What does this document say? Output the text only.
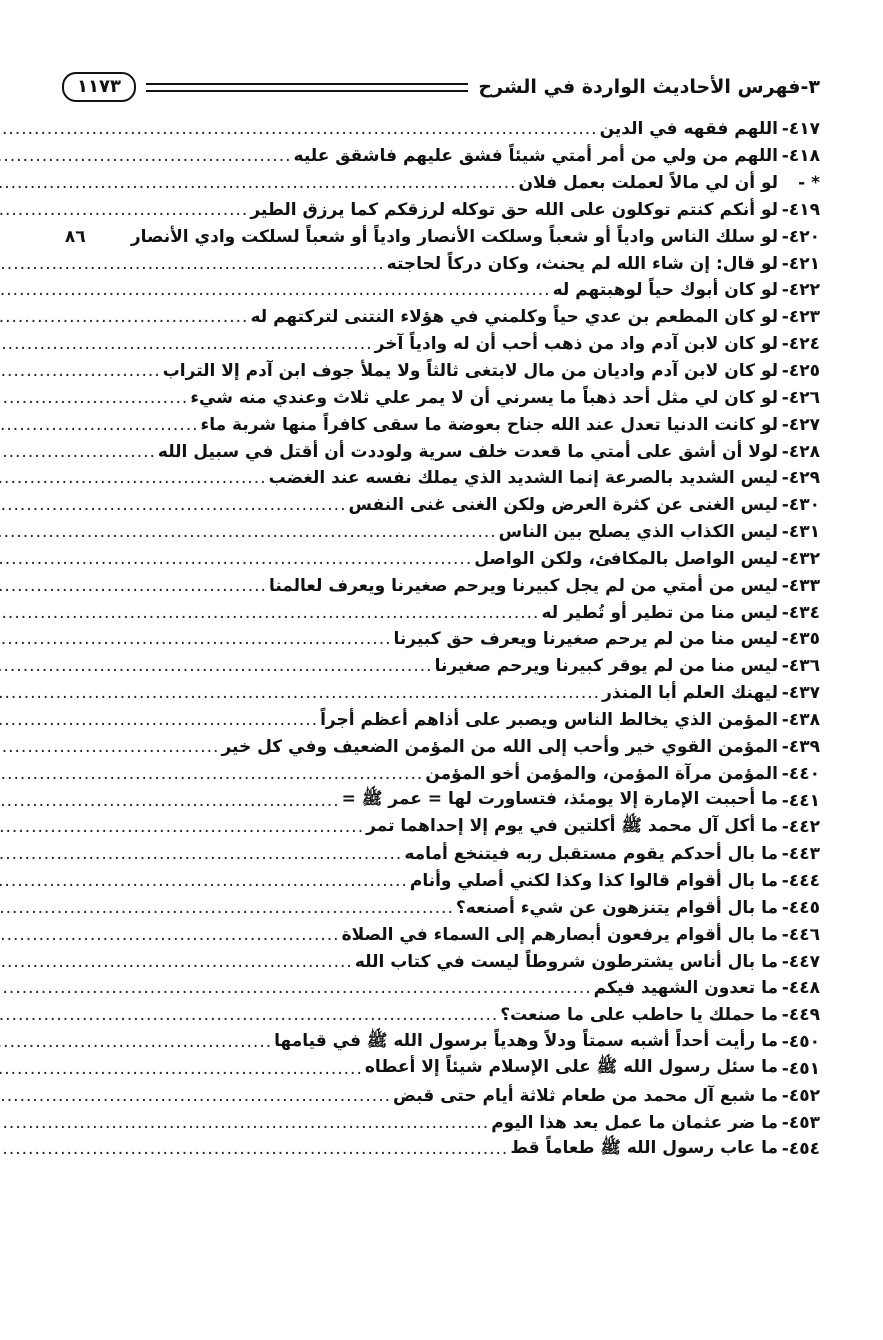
٣-فهرس الأحاديث الواردة في الشرح
١١٧٣
٤١٧-
اللهم فقهه في الدين
.....
٤١٨-
اللهم من ولي من أمر أمتي شيئاً فشق عليهم فاشقق عليه
.....
* -
لو أن لي مالاً لعملت بعمل فلان
.....
٤١٩-
لو أنكم كنتم توكلون على الله حق توكله لرزقكم كما يرزق الطير
.....
٤٢٠-
لو سلك الناس وادياً أو شعباً وسلكت الأنصار وادياً أو شعباً لسلكت وادي الأنصار
٨٦
٤٢١-
لو قال: إن شاء الله لم يحنث، وكان دركاً لحاجته
.....
٤٢٢-
لو كان أبوك حياً لوهبتهم له
.....
٤٢٣-
لو كان المطعم بن عدي حياً وكلمني في هؤلاء النتنى لتركتهم له
.....
٤٢٤-
لو كان لابن آدم واد من ذهب أحب أن له وادياً آخر
.....
٤٢٥-
لو كان لابن آدم واديان من مال لابتغى ثالثاً ولا يملأ جوف ابن آدم إلا التراب
.....
٤٢٦-
لو كان لي مثل أحد ذهباً ما يسرني أن لا يمر علي ثلاث وعندي منه شيء
.....
٤٢٧-
لو كانت الدنيا تعدل عند الله جناح بعوضة ما سقى كافراً منها شربة ماء
.....
٤٢٨-
لولا أن أشق على أمتي ما قعدت خلف سرية ولوددت أن أقتل في سبيل الله
.....
٤٢٩-
ليس الشديد بالصرعة إنما الشديد الذي يملك نفسه عند الغضب
.....
٤٣٠-
ليس الغنى عن كثرة العرض ولكن الغنى غنى النفس
.....
٤٣١-
ليس الكذاب الذي يصلح بين الناس
.....
٤٣٢-
ليس الواصل بالمكافئ، ولكن الواصل
.....
٤٣٣-
ليس من أمتي من لم يجل كبيرنا ويرحم صغيرنا ويعرف لعالمنا
.....
٤٣٤-
ليس منا من تطير أو تُطير له
.....
٤٣٥-
ليس منا من لم يرحم صغيرنا ويعرف حق كبيرنا
.....
٤٣٦-
ليس منا من لم يوقر كبيرنا ويرحم صغيرنا
.....
٤٣٧-
ليهنك العلم أبا المنذر
.....
٤٣٨-
المؤمن الذي يخالط الناس ويصبر على أذاهم أعظم أجراً
.....
٤٣٩-
المؤمن القوي خير وأحب إلى الله من المؤمن الضعيف وفي كل خير
.....
٤٤٠-
المؤمن مرآة المؤمن، والمؤمن أخو المؤمن
.....
٤٤١-
ما أحببت الإمارة إلا يومئذ، فتساورت لها = عمر ﷺ =
.....
٤٤٢-
ما أكل آل محمد ﷺ أكلتين في يوم إلا إحداهما تمر
.....
٤٤٣-
ما بال أحدكم يقوم مستقبل ربه فيتنخع أمامه
.....
٤٤٤-
ما بال أقوام قالوا كذا وكذا لكني أصلي وأنام
.....
٤٤٥-
ما بال أقوام يتنزهون عن شيء أصنعه؟
.....
٤٤٦-
ما بال أقوام يرفعون أبصارهم إلى السماء في الصلاة
.....
٤٤٧-
ما بال أناس يشترطون شروطاً ليست في كتاب الله
.....
٤٤٨-
ما تعدون الشهيد فيكم
.....
٤٤٩-
ما حملك يا حاطب على ما صنعت؟
.....
٤٥٠-
ما رأيت أحداً أشبه سمتاً ودلاً وهدياً برسول الله ﷺ في قيامها
.....
٤٥١-
ما سئل رسول الله ﷺ على الإسلام شيئاً إلا أعطاه
.....
٤٥٢-
ما شبع آل محمد من طعام ثلاثة أيام حتى قبض
.....
٤٥٣-
ما ضر عثمان ما عمل بعد هذا اليوم
.....
٤٥٤-
ما عاب رسول الله ﷺ طعاماً قط
.....
